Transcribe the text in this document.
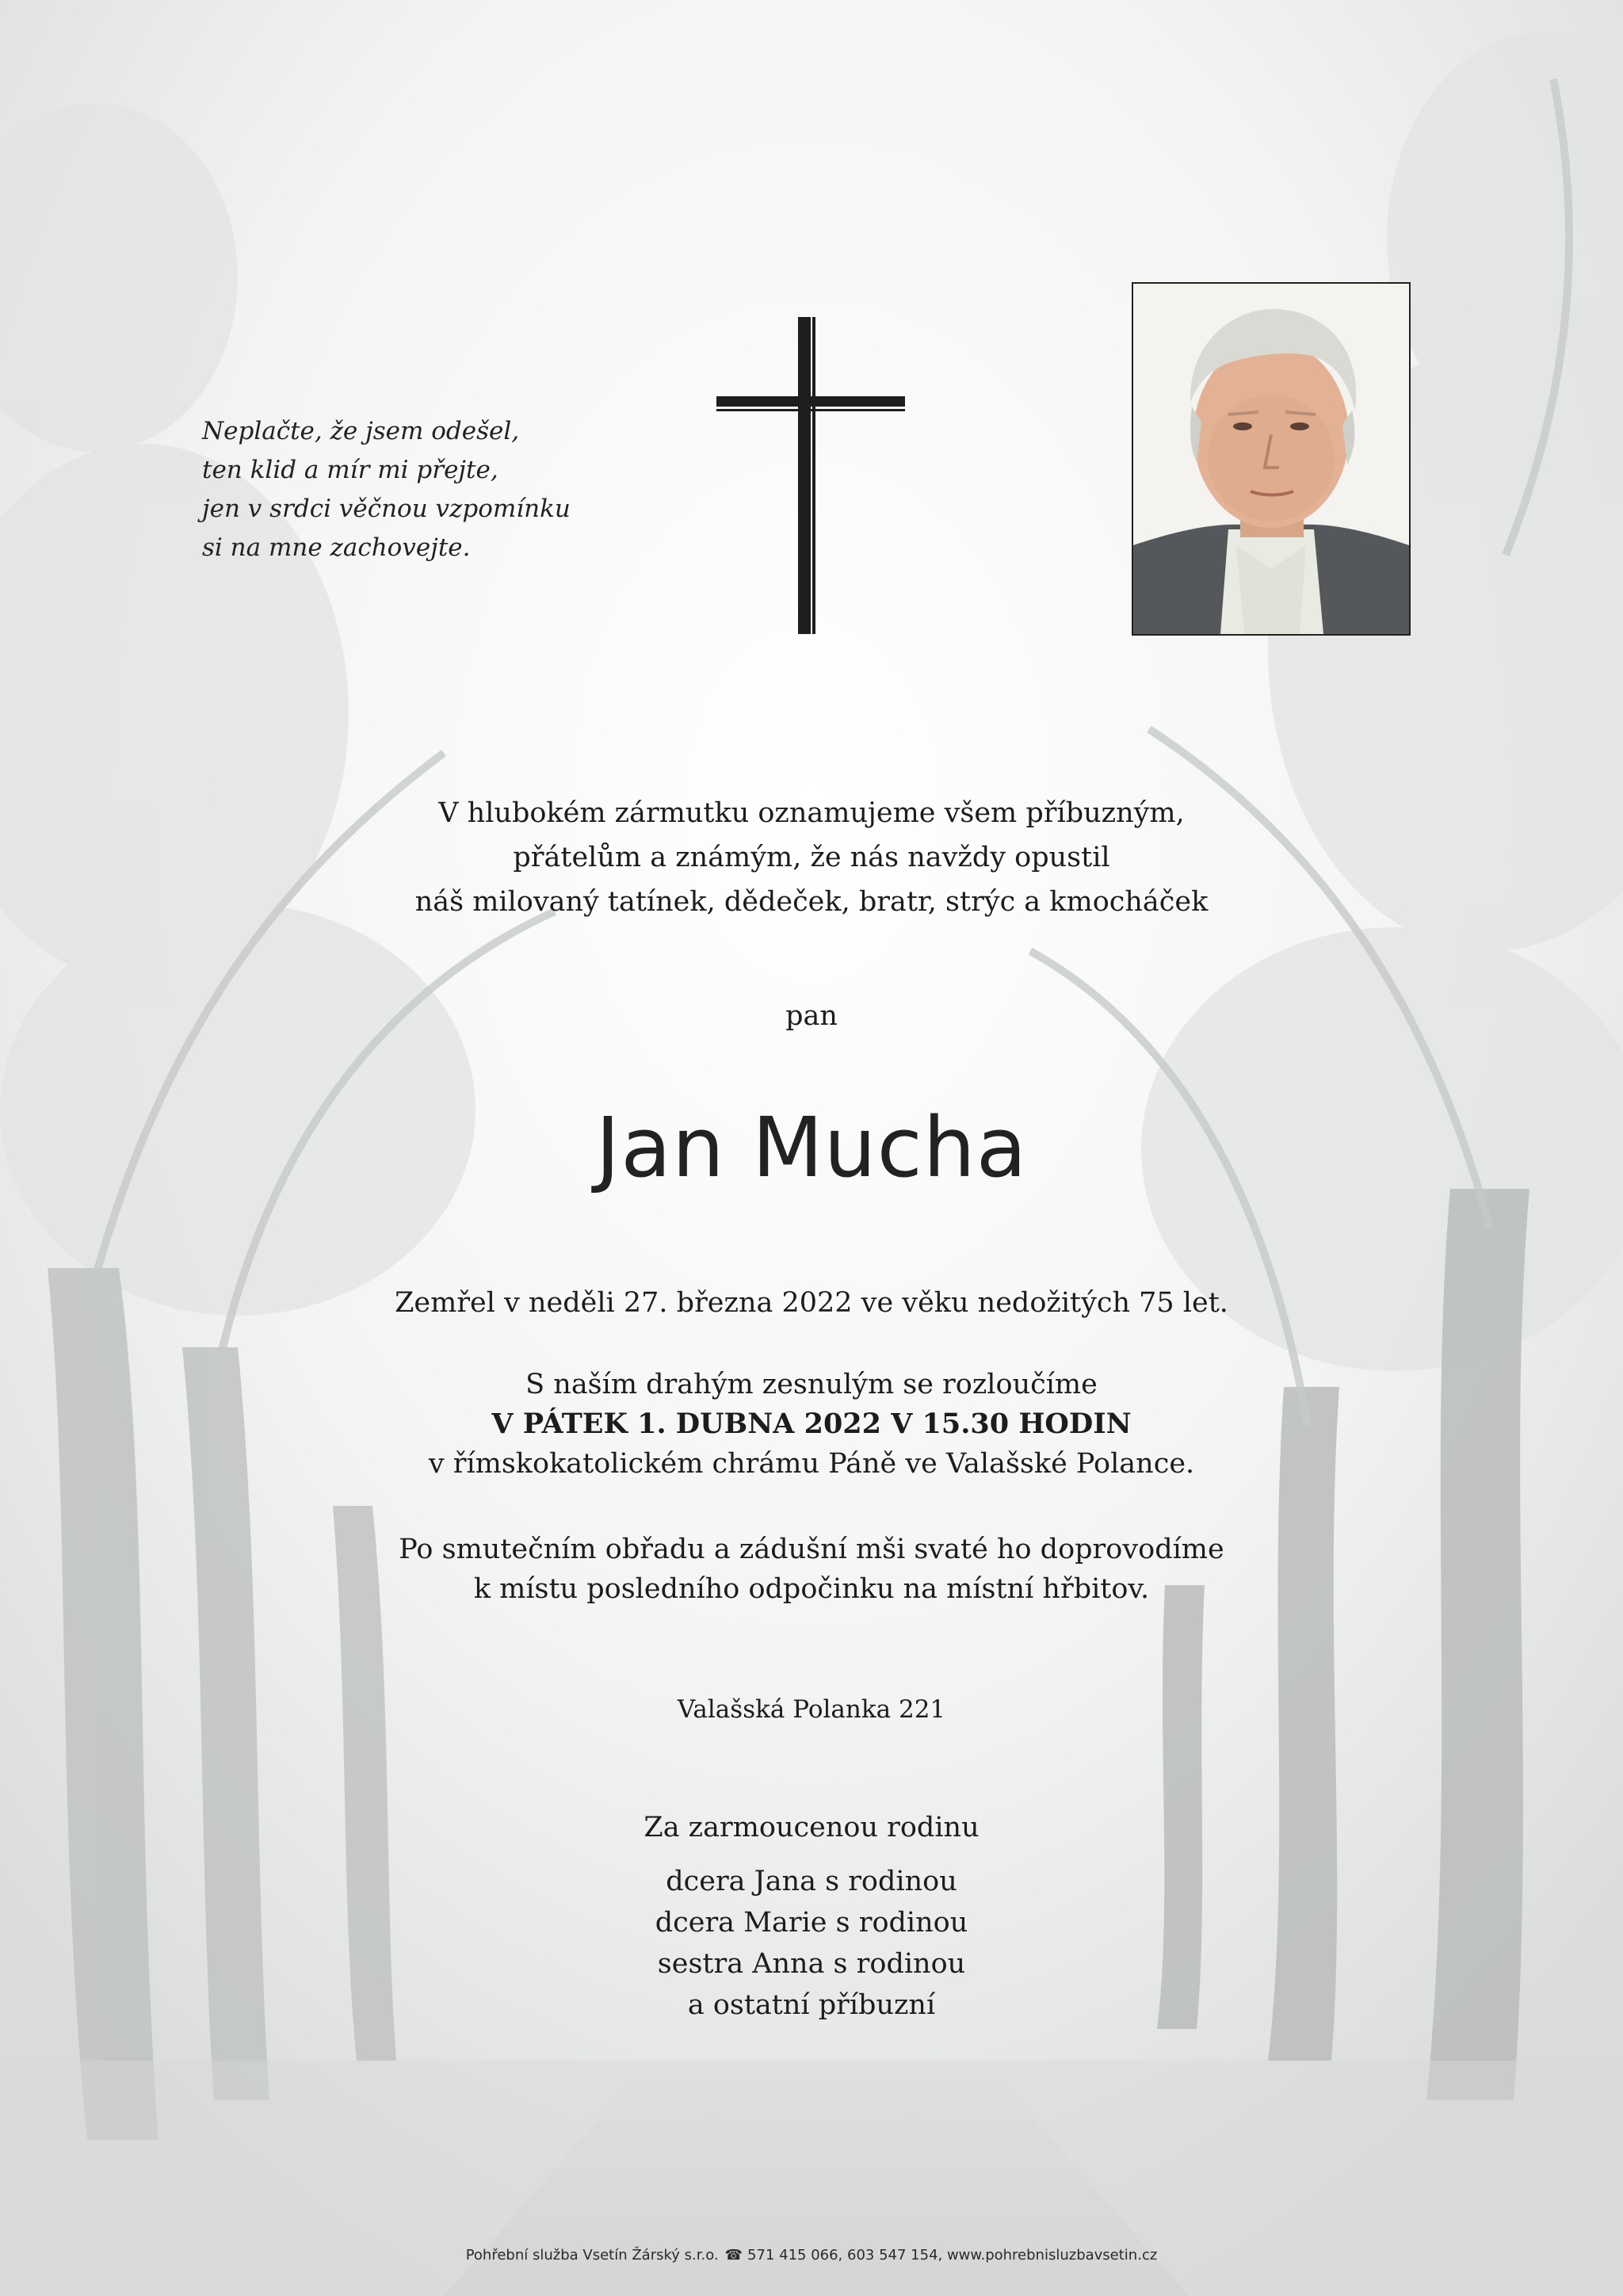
Neplačte, že jsem odešel,
ten klid a mír mi přejte,
jen v srdci věčnou vzpomínku
si na mne zachovejte.
V hlubokém zármutku oznamujeme všem příbuzným,
přátelům a známým, že nás navždy opustil
náš milovaný tatínek, dědeček, bratr, strýc a kmocháček
pan
Jan Mucha
Zemřel v neděli 27. března 2022 ve věku nedožitých 75 let.
S naším drahým zesnulým se rozloučíme
V PÁTEK 1. DUBNA 2022 V 15.30 HODIN
v římskokatolickém chrámu Páně ve Valašské Polance.
Po smutečním obřadu a zádušní mši svaté ho doprovodíme
k místu posledního odpočinku na místní hřbitov.
Valašská Polanka 221
Za zarmoucenou rodinu
dcera Jana s rodinou
dcera Marie s rodinou
sestra Anna s rodinou
a ostatní příbuzní
Pohřební služba Vsetín Žárský s.r.o. ☎ 571 415 066, 603 547 154, www.pohrebnisluzbavsetin.cz
